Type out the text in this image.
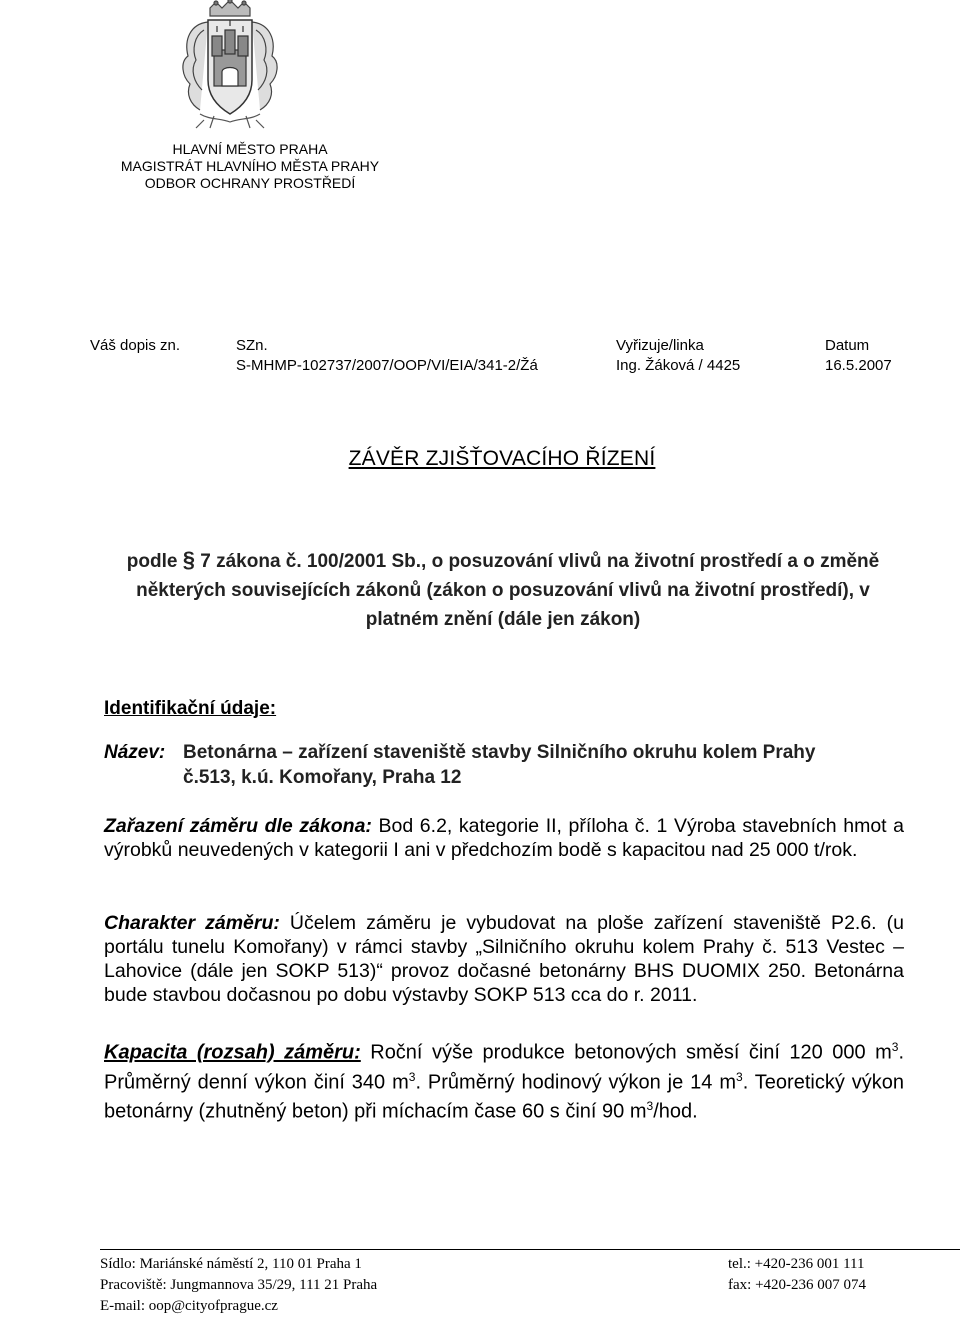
HLAVNÍ MĚSTO PRAHA
MAGISTRÁT HLAVNÍHO MĚSTA PRAHY
ODBOR OCHRANY PROSTŘEDÍ
Váš dopis zn.	SZn.
S-MHMP-102737/2007/OOP/VI/EIA/341-2/Žá
Vyřizuje/linka
Ing. Žáková / 4425
Datum
16.5.2007
ZÁVĚR ZJIŠŤOVACÍHO ŘÍZENÍ
podle § 7 zákona č. 100/2001 Sb., o posuzování vlivů na životní prostředí a o změně některých souvisejících zákonů (zákon o posuzování vlivů na životní prostředí), v platném znění (dále jen zákon)
Identifikační údaje:
Název: Betonárna – zařízení staveniště stavby Silničního okruhu kolem Prahy
č.513, k.ú. Komořany, Praha 12
Zařazení záměru dle zákona: Bod 6.2, kategorie II, příloha č. 1 Výroba stavebních hmot a výrobků neuvedených v kategorii I ani v předchozím bodě s kapacitou nad 25 000 t/rok.
Charakter záměru: Účelem záměru je vybudovat na ploše zařízení staveniště P2.6. (u portálu tunelu Komořany) v rámci stavby „Silničního okruhu kolem Prahy č. 513 Vestec – Lahovice (dále jen SOKP 513)“ provoz dočasné betonárny BHS DUOMIX 250. Betonárna bude stavbou dočasnou po dobu výstavby SOKP 513 cca do r. 2011.
Kapacita (rozsah) záměru: Roční výše produkce betonových směsí činí 120 000 $m^3$. Průměrný denní výkon činí 340 $m^3$. Průměrný hodinový výkon je 14 $m^3$. Teoretický výkon betonárny (zhutněný beton) při míchacím čase 60 s činí 90 $m^3$/hod.
Sídlo: Mariánské náměstí 2, 110 01 Praha 1
Pracoviště: Jungmannova 35/29, 111 21 Praha
E-mail: oop@cityofprague.cz
tel.: +420-236 001 111
fax: +420-236 007 074
